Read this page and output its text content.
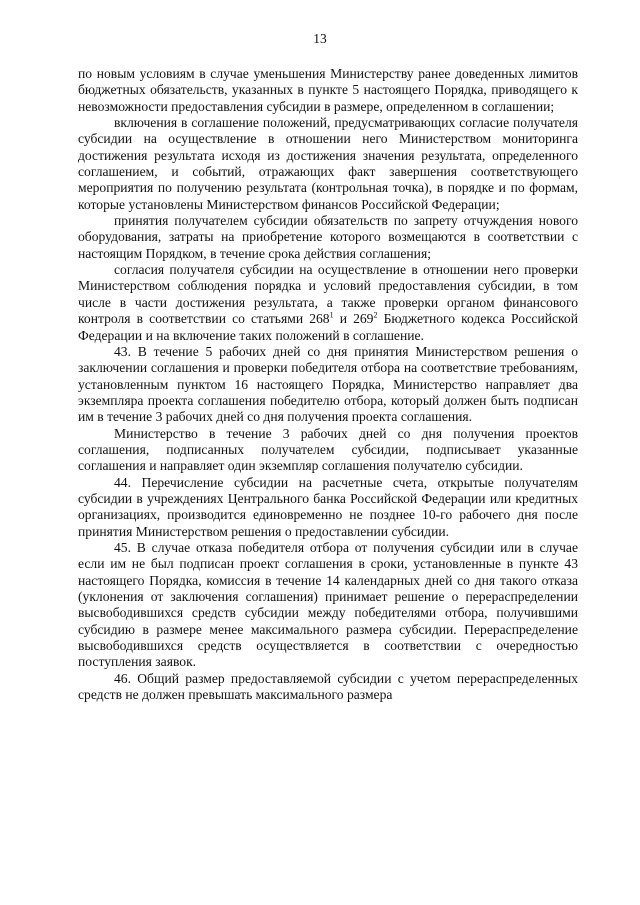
13

по новым условиям в случае уменьшения Министерству ранее доведенных лимитов бюджетных обязательств, указанных в пункте 5 настоящего Порядка, приводящего к невозможности предоставления субсидии в размере, определенном в соглашении;

включения в соглашение положений, предусматривающих согласие получателя субсидии на осуществление в отношении него Министерством мониторинга достижения результата исходя из достижения значения результата, определенного соглашением, и событий, отражающих факт завершения соответствующего мероприятия по получению результата (контрольная точка), в порядке и по формам, которые установлены Министерством финансов Российской Федерации;

принятия получателем субсидии обязательств по запрету отчуждения нового оборудования, затраты на приобретение которого возмещаются в соответствии с настоящим Порядком, в течение срока действия соглашения;

согласия получателя субсидии на осуществление в отношении него проверки Министерством соблюдения порядка и условий предоставления субсидии, в том числе в части достижения результата, а также проверки органом финансового контроля в соответствии со статьями $268^1$ и $269^2$ Бюджетного кодекса Российской Федерации и на включение таких положений в соглашение.

43. В течение 5 рабочих дней со дня принятия Министерством решения о заключении соглашения и проверки победителя отбора на соответствие требованиям, установленным пунктом 16 настоящего Порядка, Министерство направляет два экземпляра проекта соглашения победителю отбора, который должен быть подписан им в течение 3 рабочих дней со дня получения проекта соглашения.

Министерство в течение 3 рабочих дней со дня получения проектов соглашения, подписанных получателем субсидии, подписывает указанные соглашения и направляет один экземпляр соглашения получателю субсидии.

44. Перечисление субсидии на расчетные счета, открытые получателям субсидии в учреждениях Центрального банка Российской Федерации или кредитных организациях, производится единовременно не позднее 10-го рабочего дня после принятия Министерством решения о предоставлении субсидии.

45. В случае отказа победителя отбора от получения субсидии или в случае если им не был подписан проект соглашения в сроки, установленные в пункте 43 настоящего Порядка, комиссия в течение 14 календарных дней со дня такого отказа (уклонения от заключения соглашения) принимает решение о перераспределении высвободившихся средств субсидии между победителями отбора, получившими субсидию в размере менее максимального размера субсидии. Перераспределение высвободившихся средств осуществляется в соответствии с очередностью поступления заявок.

46. Общий размер предоставляемой субсидии с учетом перераспределенных средств не должен превышать максимального размера
